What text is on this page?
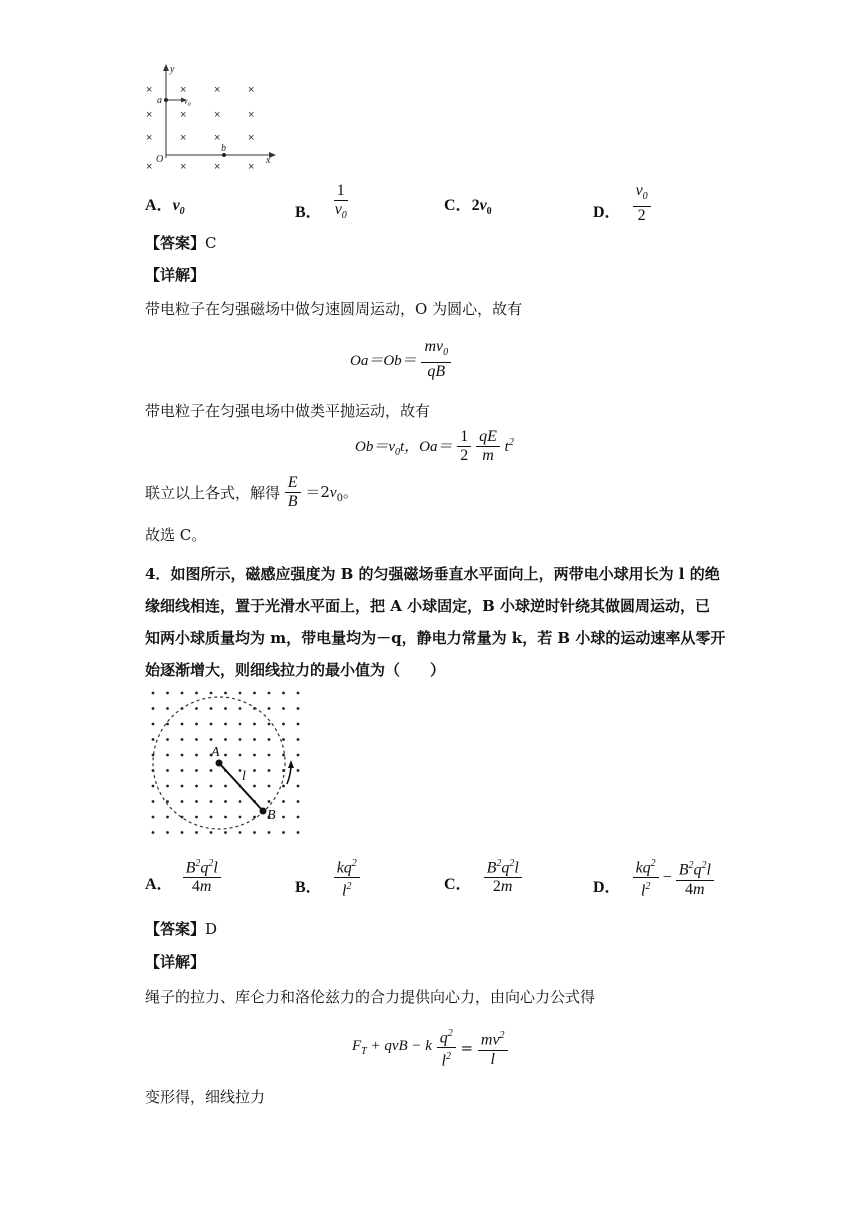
×	×	×	×
×	×	×	×
×	×	×	×
×	×	×	×
y
a	$v_0$
b
O	x
A．$v_0$	B． $\frac{1}{v_0}$	C．$2v_0$	D． $\frac{v_0}{2}$
【答案】C
【详解】
带电粒子在匀强磁场中做匀速圆周运动，O 为圆心，故有
$Oa=Ob= \frac{mv_0}{qB}$
带电粒子在匀强电场中做类平抛运动，故有
$Ob=v_0t$，$Oa= \frac{1}{2}$
$\frac{qE}{m} t^2$
联立以上各式，解得 $\frac{E}{B} =2v_0$。
故选 C。
4．如图所示，磁感应强度为 B 的匀强磁场垂直水平面向上，两带电小球用长为 l 的绝
缘细线相连，置于光滑水平面上，把 A 小球固定，B 小球逆时针绕其做圆周运动，已
知两小球质量均为 m，带电量均为－q，静电力常量为 k，若 B 小球的运动速率从零开
始逐渐增大，则细线拉力的最小值为（　　）
A
B
l
A． $\frac{B^2q^2l}{4m}$	B． $\frac{kq^2}{l^2}$	C． $\frac{B^2q^2l}{2m}$	D． $\frac{kq^2}{l^2} - \frac{B^2q^2l}{4m}$
【答案】D
【详解】
绳子的拉力、库仑力和洛伦兹力的合力提供向心力，由向心力公式得
$F_T$ + qvB − k $\frac{q^2}{l^2} = \frac{mv^2}{l}$
变形得，细线拉力
